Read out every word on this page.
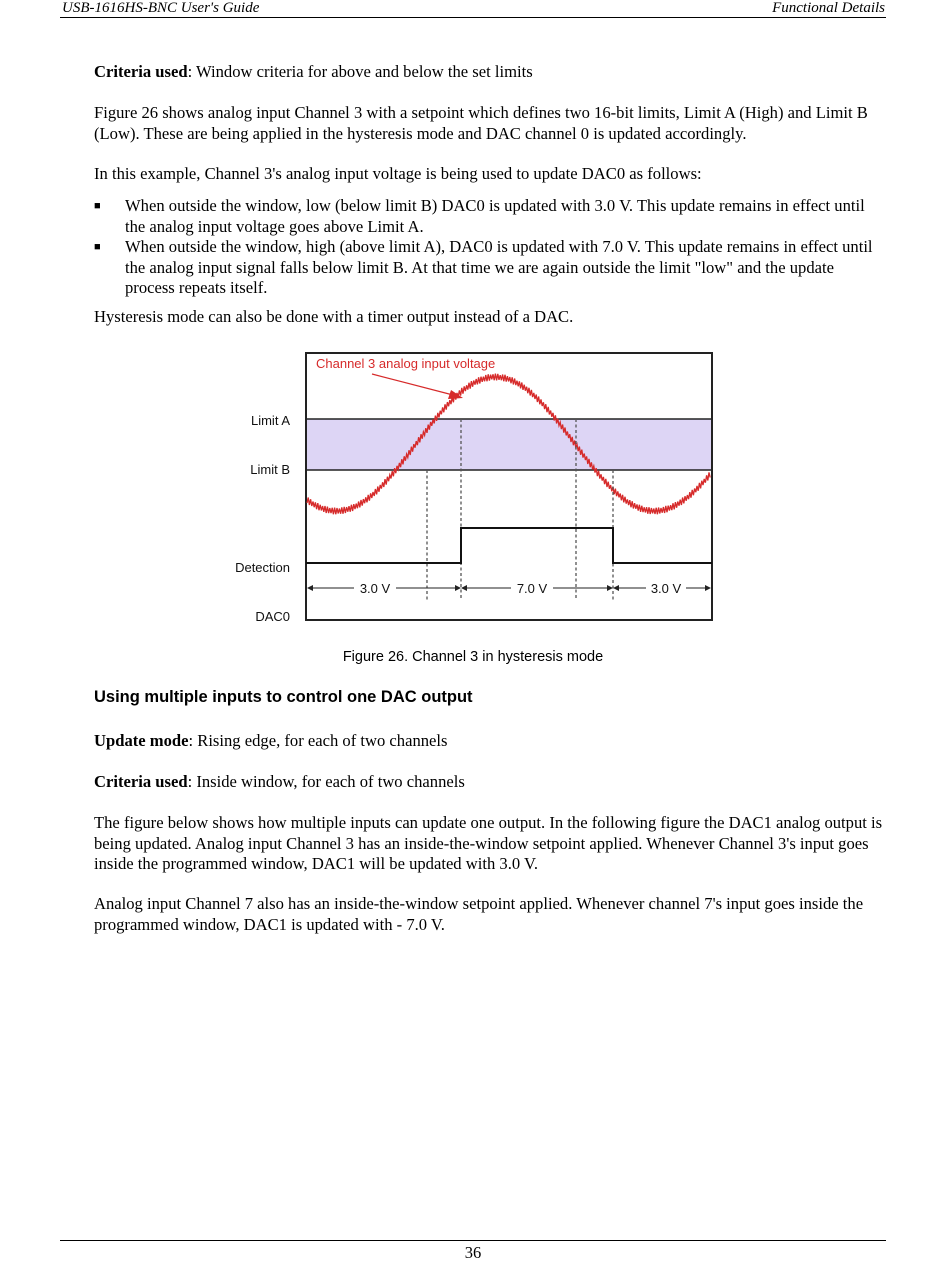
USB-1616HS-BNC User's Guide	Functional Details

Criteria used: Window criteria for above and below the set limits

Figure 26 shows analog input Channel 3 with a setpoint which defines two 16-bit limits, Limit A (High) and Limit B (Low). These are being applied in the hysteresis mode and DAC channel 0 is updated accordingly.

In this example, Channel 3's analog input voltage is being used to update DAC0 as follows:

■ When outside the window, low (below limit B) DAC0 is updated with 3.0 V. This update remains in effect until the analog input voltage goes above Limit A.
■ When outside the window, high (above limit A), DAC0 is updated with 7.0 V. This update remains in effect until the analog input signal falls below limit B. At that time we are again outside the limit "low" and the update process repeats itself.

Hysteresis mode can also be done with a timer output instead of a DAC.

3.0 V	7.0 V	3.0 V
Channel 3 analog input voltage
Limit A
Limit B
Detection
DAC0
Figure 26. Channel 3 in hysteresis mode
Using multiple inputs to control one DAC output

Update mode: Rising edge, for each of two channels

Criteria used: Inside window, for each of two channels

The figure below shows how multiple inputs can update one output. In the following figure the DAC1 analog output is being updated. Analog input Channel 3 has an inside-the-window setpoint applied. Whenever Channel 3's input goes inside the programmed window, DAC1 will be updated with 3.0 V.

Analog input Channel 7 also has an inside-the-window setpoint applied. Whenever channel 7's input goes inside the programmed window, DAC1 is updated with - 7.0 V.

36
